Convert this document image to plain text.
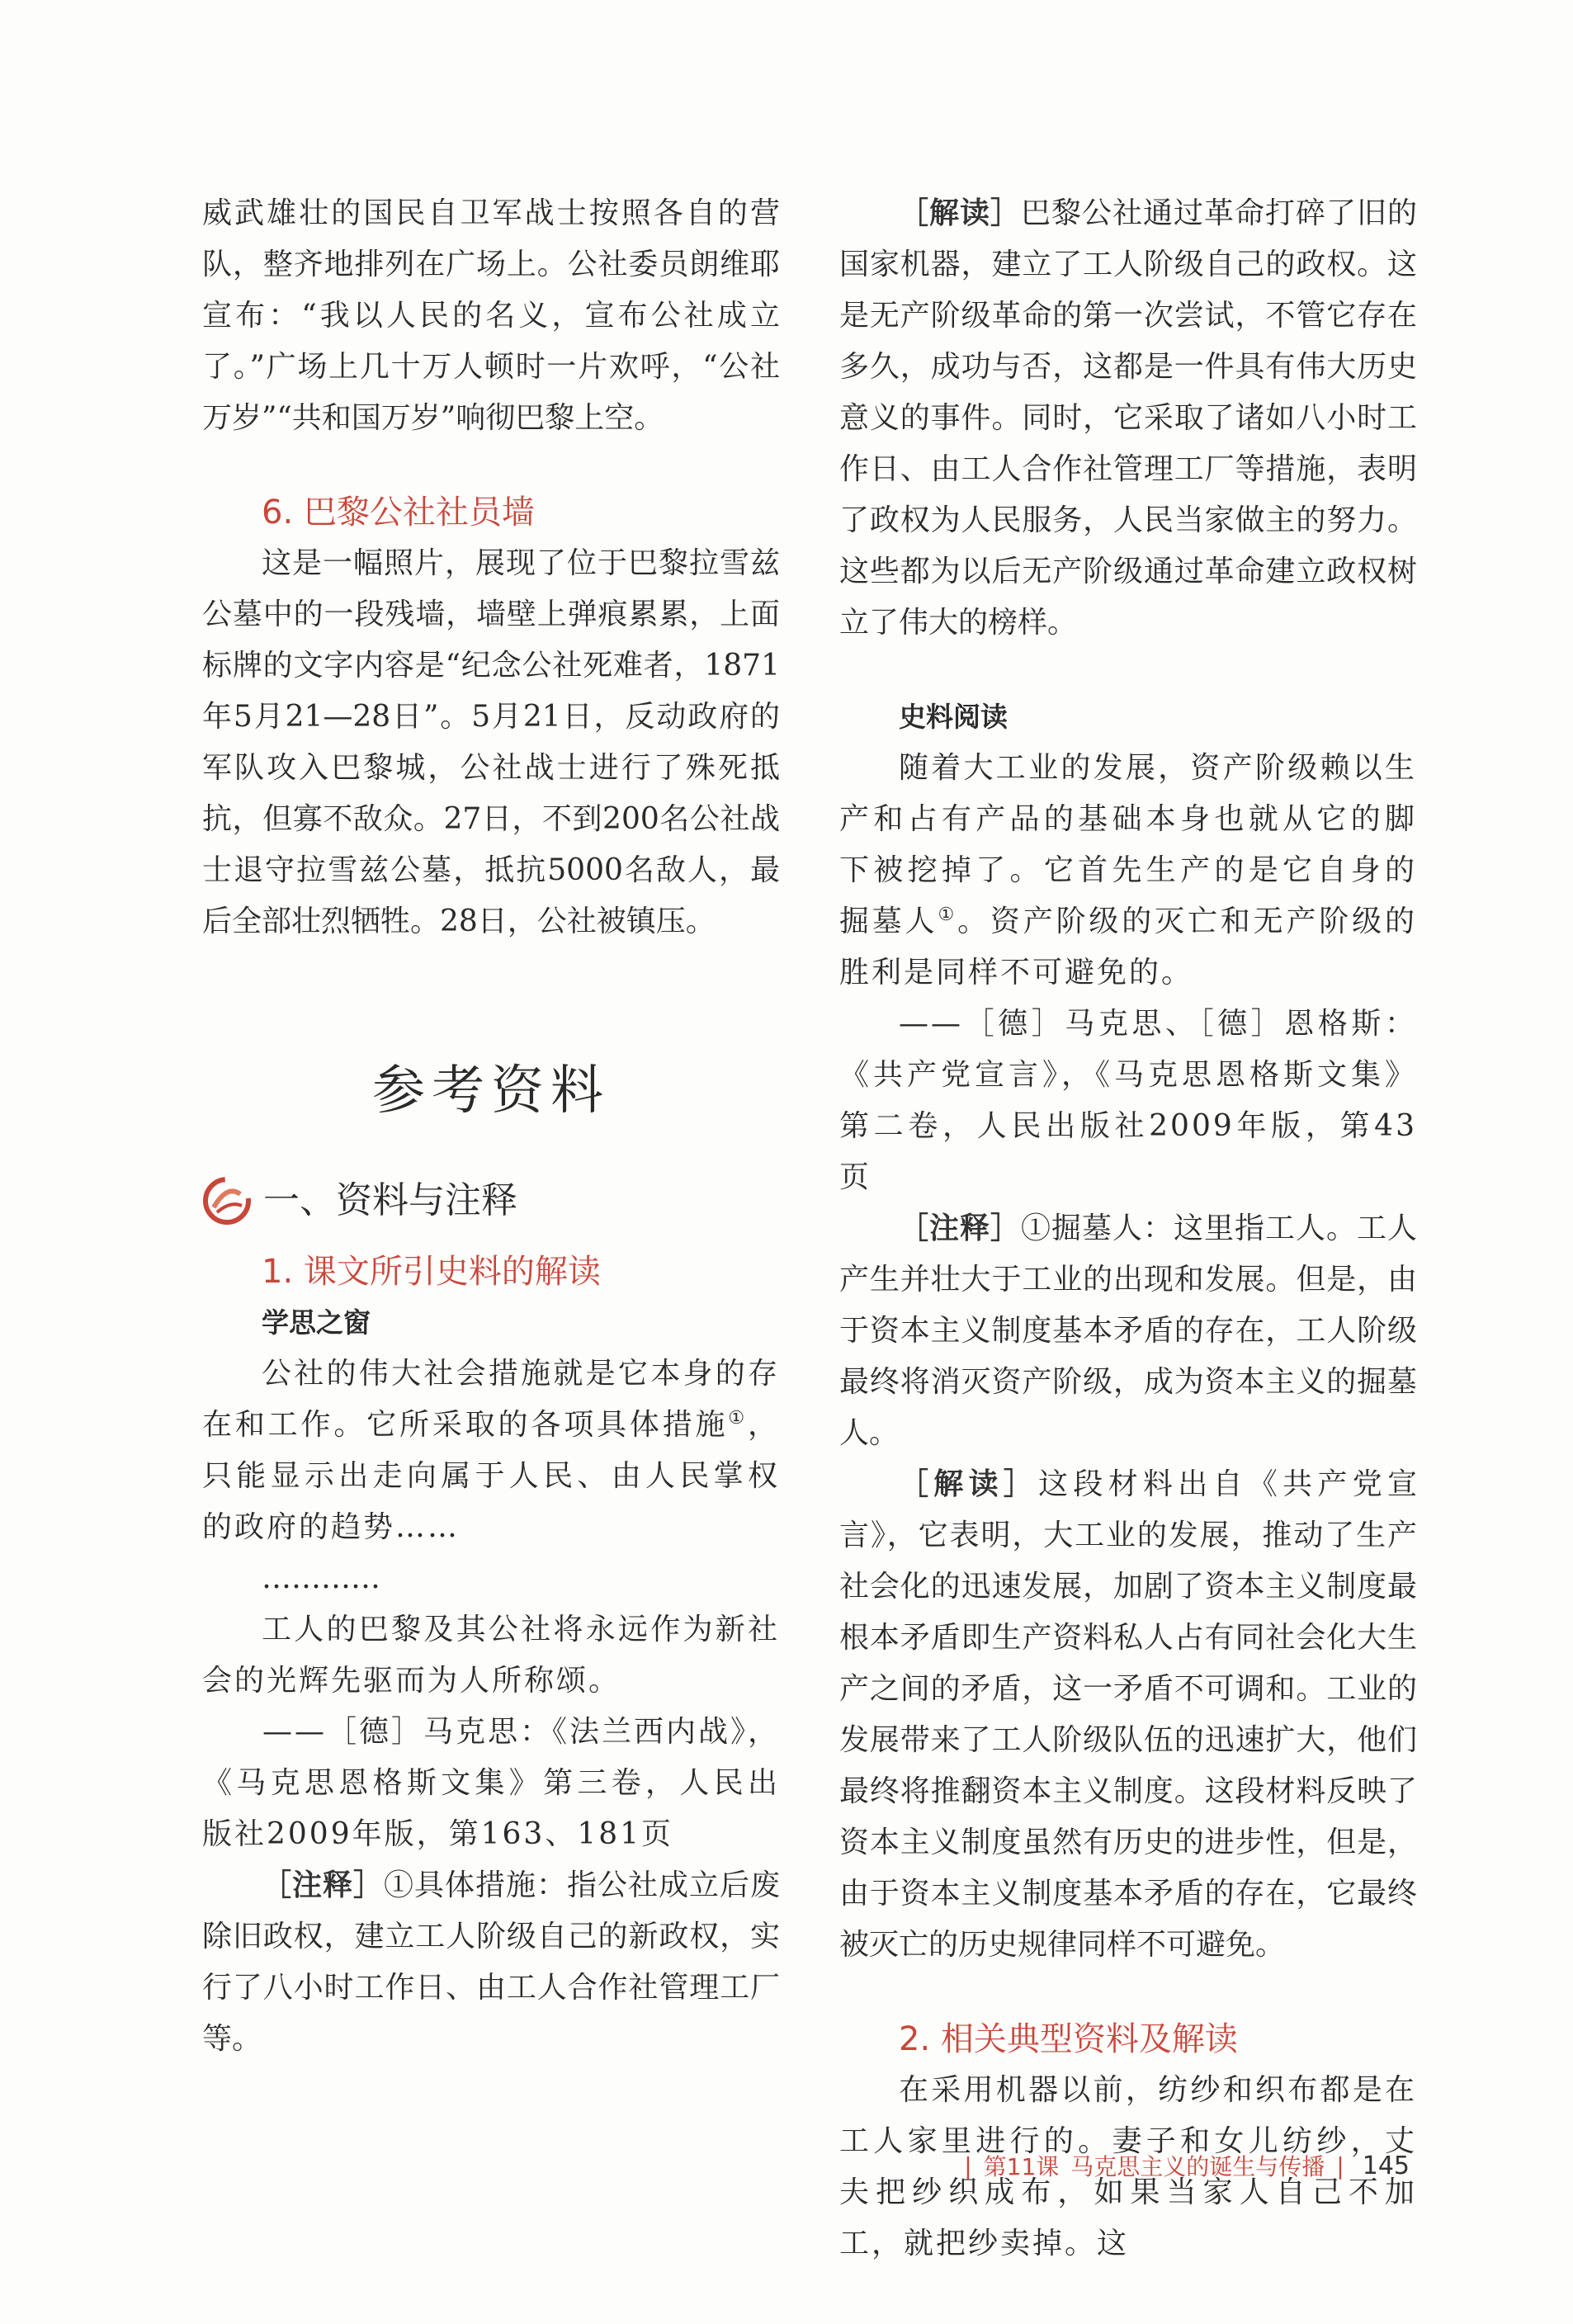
威武雄壮的国民自卫军战士按照各自的营队，整齐地排列在广场上。公社委员朗维耶宣布：“我以人民的名义，宣布公社成立了。”广场上几十万人顿时一片欢呼，“公社万岁”“共和国万岁”响彻巴黎上空。

6. 巴黎公社社员墙

这是一幅照片，展现了位于巴黎拉雪兹公墓中的一段残墙，墙壁上弹痕累累，上面标牌的文字内容是“纪念公社死难者，1871年5月21—28日”。5月21日，反动政府的军队攻入巴黎城，公社战士进行了殊死抵抗，但寡不敌众。27日，不到200名公社战士退守拉雪兹公墓，抵抗5000名敌人，最后全部壮烈牺牲。28日，公社被镇压。

参考资料
一、资料与注释
1. 课文所引史料的解读
学思之窗

公社的伟大社会措施就是它本身的存在和工作。它所采取的各项具体措施①，只能显示出走向属于人民、由人民掌权的政府的趋势……

…………

工人的巴黎及其公社将永远作为新社会的光辉先驱而为人所称颂。

——［德］马克思：《法兰西内战》，

《马克思恩格斯文集》第三卷，人民出版社2009年版，第163、181页

［注释］①具体措施：指公社成立后废除旧政权，建立工人阶级自己的新政权，实行了八小时工作日、由工人合作社管理工厂等。

［解读］巴黎公社通过革命打碎了旧的国家机器，建立了工人阶级自己的政权。这是无产阶级革命的第一次尝试，不管它存在多久，成功与否，这都是一件具有伟大历史意义的事件。同时，它采取了诸如八小时工作日、由工人合作社管理工厂等措施，表明了政权为人民服务，人民当家做主的努力。这些都为以后无产阶级通过革命建立政权树立了伟大的榜样。

史料阅读

随着大工业的发展，资产阶级赖以生产和占有产品的基础本身也就从它的脚下被挖掉了。它首先生产的是它自身的掘墓人①。资产阶级的灭亡和无产阶级的胜利是同样不可避免的。

——［德］马克思、［德］恩格斯：《共产党宣言》，《马克思恩格斯文集》第二卷，人民出版社2009年版，第43页

［注释］①掘墓人：这里指工人。工人产生并壮大于工业的出现和发展。但是，由于资本主义制度基本矛盾的存在，工人阶级最终将消灭资产阶级，成为资本主义的掘墓人。

［解读］这段材料出自《共产党宣言》，它表明，大工业的发展，推动了生产社会化的迅速发展，加剧了资本主义制度最根本矛盾即生产资料私人占有同社会化大生产之间的矛盾，这一矛盾不可调和。工业的发展带来了工人阶级队伍的迅速扩大，他们最终将推翻资本主义制度。这段材料反映了资本主义制度虽然有历史的进步性，但是，由于资本主义制度基本矛盾的存在，它最终被灭亡的历史规律同样不可避免。

2. 相关典型资料及解读

在采用机器以前，纺纱和织布都是在工人家里进行的。妻子和女儿纺纱，丈夫把纱织成布，如果当家人自己不加工，就把纱卖掉。这

| 第11课 马克思主义的诞生与传播 | 145
